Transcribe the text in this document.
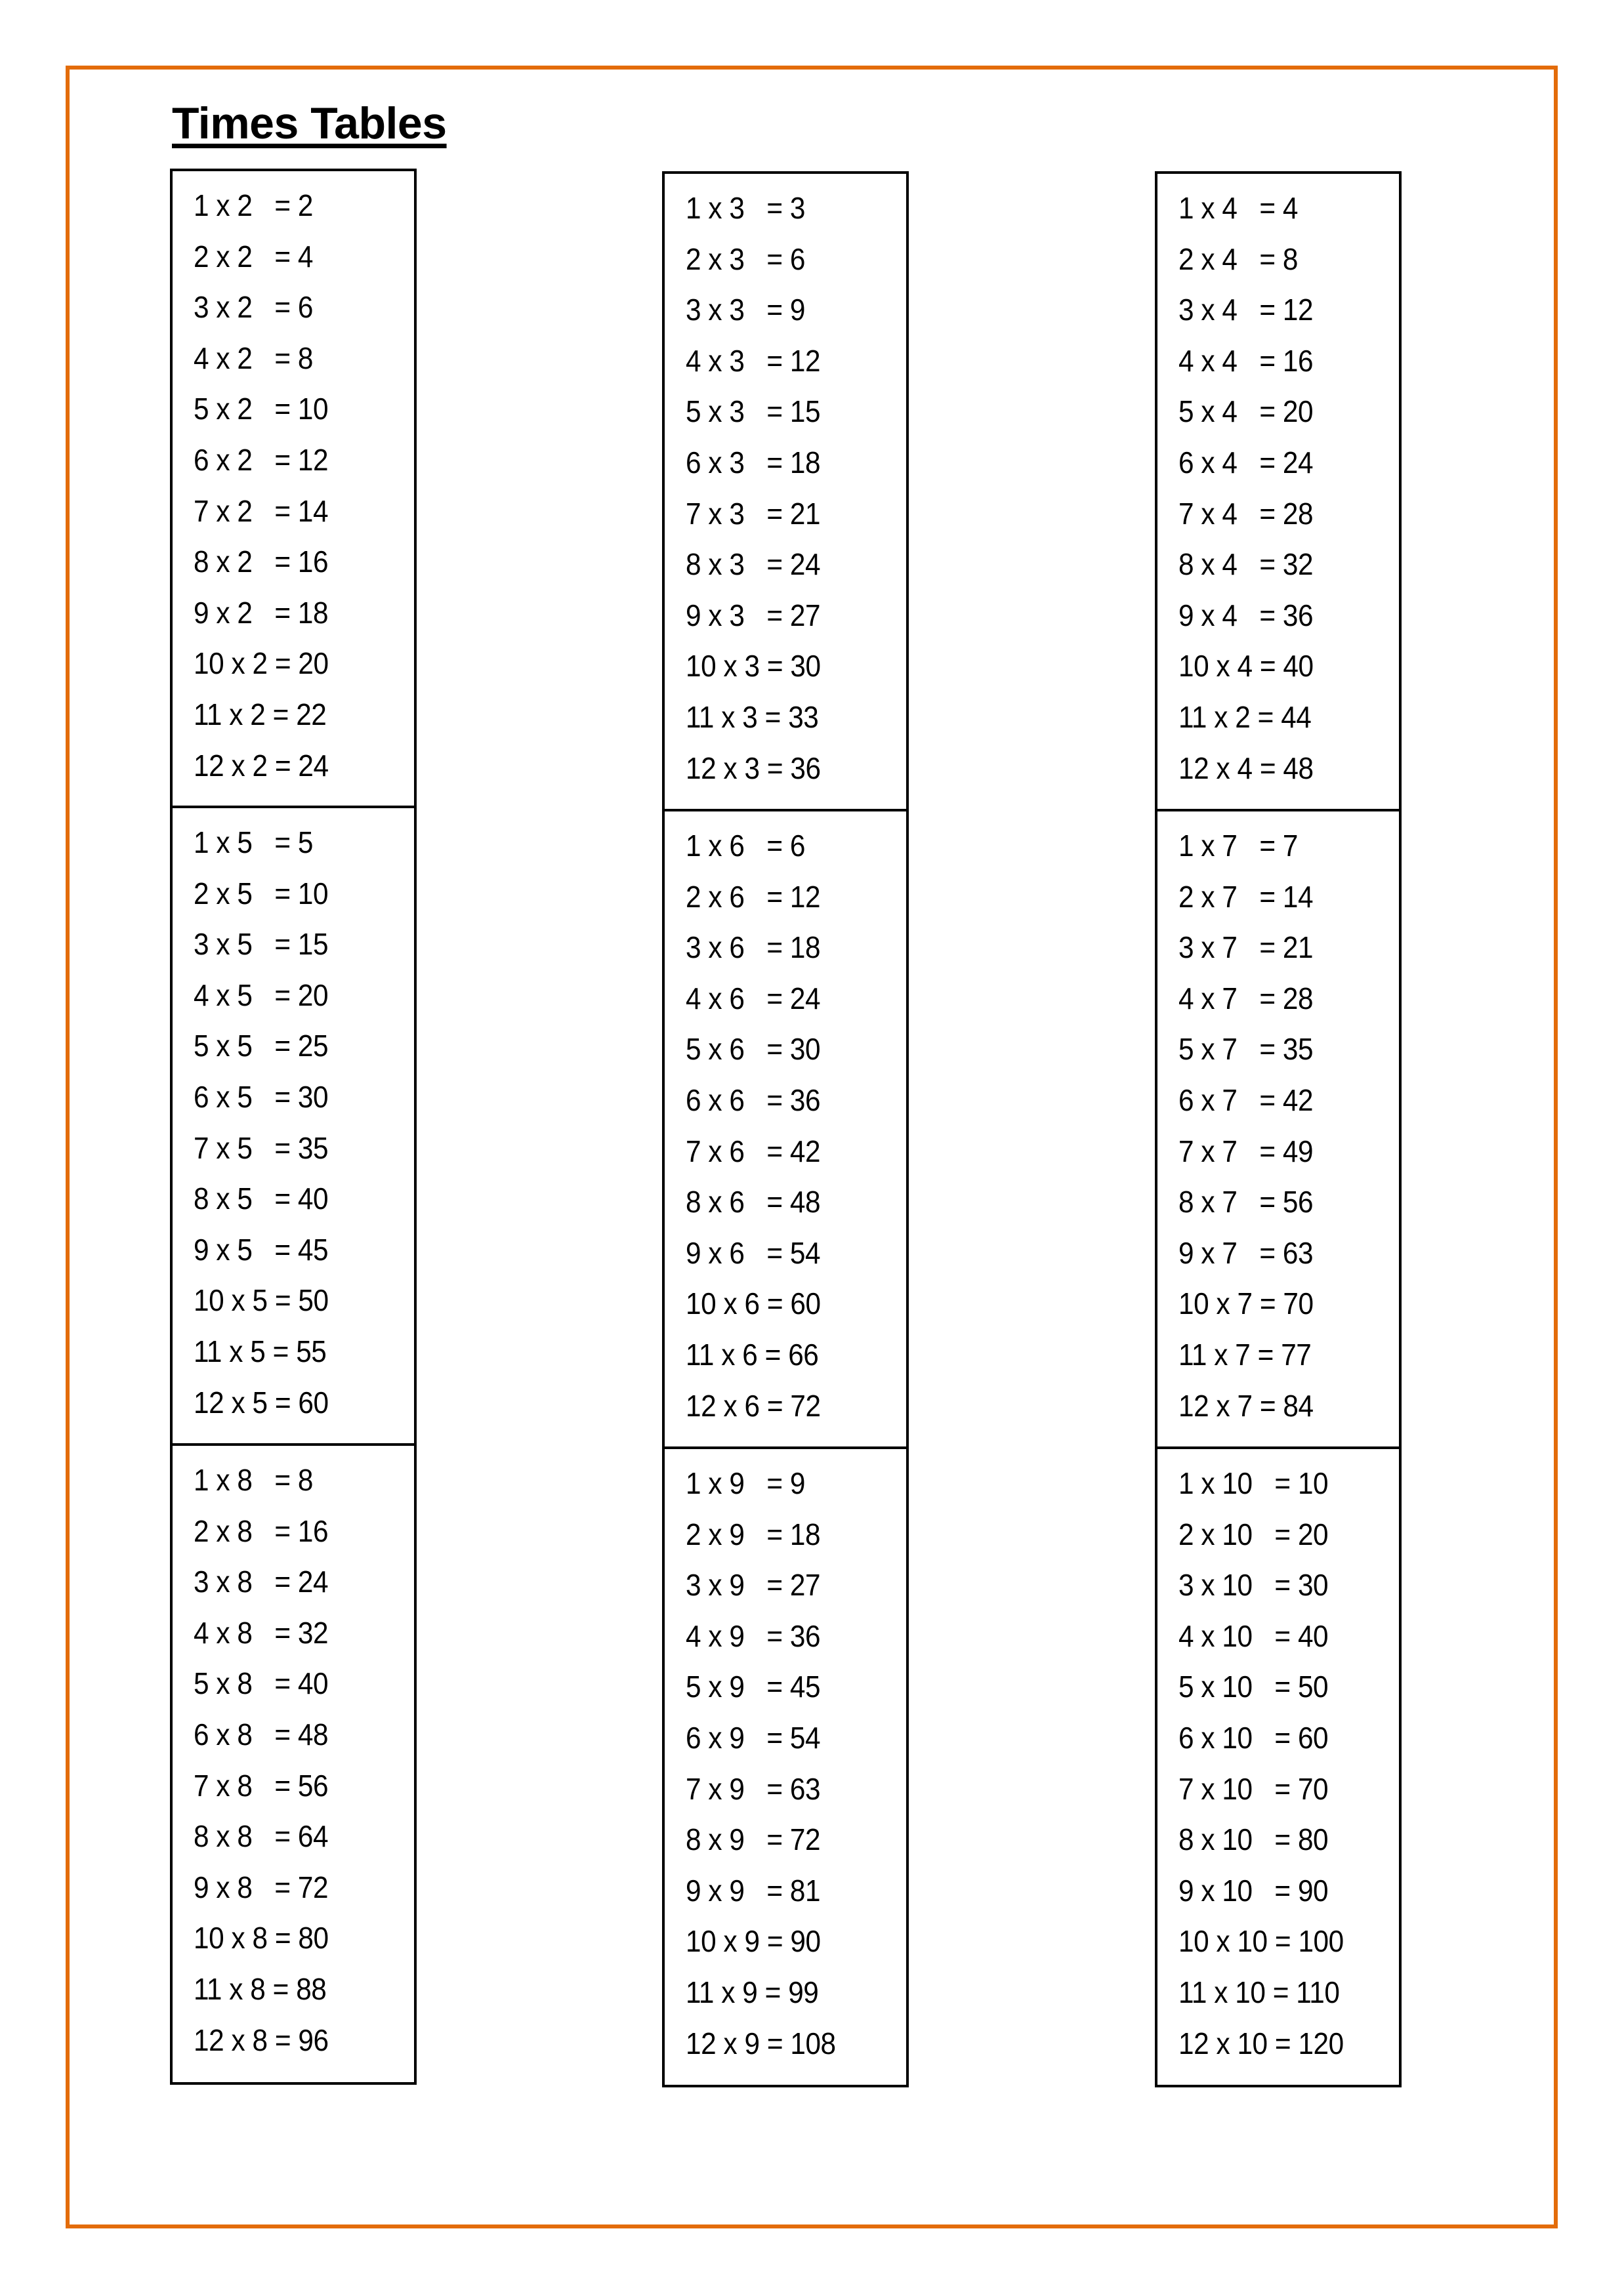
Times Tables
1 x 2   = 2
2 x 2   = 4
3 x 2   = 6
4 x 2   = 8
5 x 2   = 10
6 x 2   = 12
7 x 2   = 14
8 x 2   = 16
9 x 2   = 18
10 x 2 = 20
11 x 2 = 22
12 x 2 = 24
1 x 5   = 5
2 x 5   = 10
3 x 5   = 15
4 x 5   = 20
5 x 5   = 25
6 x 5   = 30
7 x 5   = 35
8 x 5   = 40
9 x 5   = 45
10 x 5 = 50
11 x 5 = 55
12 x 5 = 60
1 x 8   = 8
2 x 8   = 16
3 x 8   = 24
4 x 8   = 32
5 x 8   = 40
6 x 8   = 48
7 x 8   = 56
8 x 8   = 64
9 x 8   = 72
10 x 8 = 80
11 x 8 = 88
12 x 8 = 96
1 x 3   = 3
2 x 3   = 6
3 x 3   = 9
4 x 3   = 12
5 x 3   = 15
6 x 3   = 18
7 x 3   = 21
8 x 3   = 24
9 x 3   = 27
10 x 3 = 30
11 x 3 = 33
12 x 3 = 36
1 x 6   = 6
2 x 6   = 12
3 x 6   = 18
4 x 6   = 24
5 x 6   = 30
6 x 6   = 36
7 x 6   = 42
8 x 6   = 48
9 x 6   = 54
10 x 6 = 60
11 x 6 = 66
12 x 6 = 72
1 x 9   = 9
2 x 9   = 18
3 x 9   = 27
4 x 9   = 36
5 x 9   = 45
6 x 9   = 54
7 x 9   = 63
8 x 9   = 72
9 x 9   = 81
10 x 9 = 90
11 x 9 = 99
12 x 9 = 108
1 x 4   = 4
2 x 4   = 8
3 x 4   = 12
4 x 4   = 16
5 x 4   = 20
6 x 4   = 24
7 x 4   = 28
8 x 4   = 32
9 x 4   = 36
10 x 4 = 40
11 x 2 = 44
12 x 4 = 48
1 x 7   = 7
2 x 7   = 14
3 x 7   = 21
4 x 7   = 28
5 x 7   = 35
6 x 7   = 42
7 x 7   = 49
8 x 7   = 56
9 x 7   = 63
10 x 7 = 70
11 x 7 = 77
12 x 7 = 84
1 x 10   = 10
2 x 10   = 20
3 x 10   = 30
4 x 10   = 40
5 x 10   = 50
6 x 10   = 60
7 x 10   = 70
8 x 10   = 80
9 x 10   = 90
10 x 10 = 100
11 x 10 = 110
12 x 10 = 120
